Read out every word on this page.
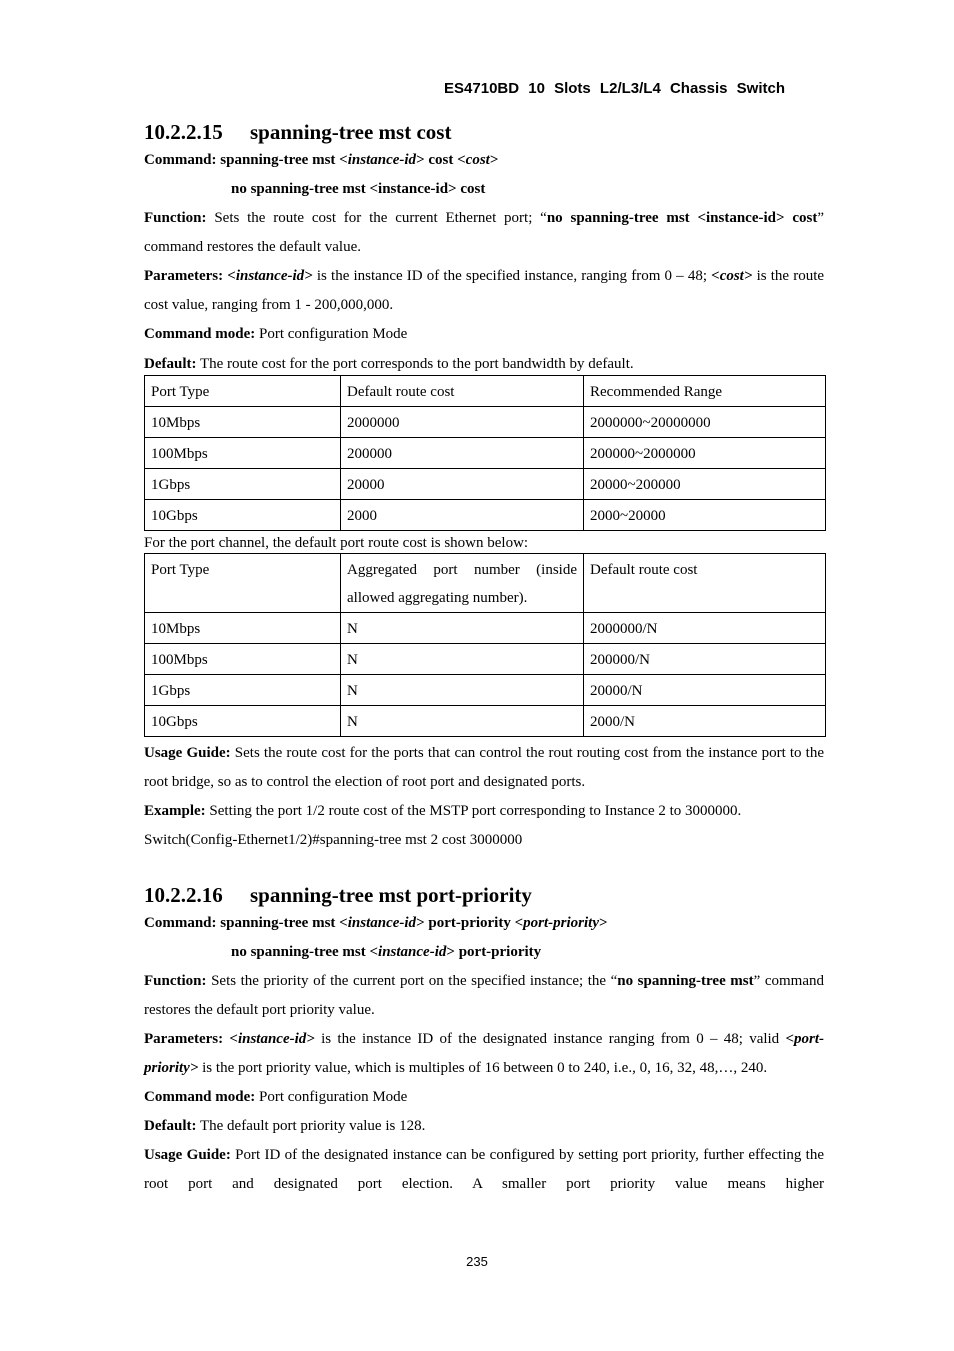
ES4710BD 10 Slots L2/L3/L4 Chassis Switch
10.2.2.15 spanning-tree mst cost

Command: spanning-tree mst <instance-id> cost <cost>

no spanning-tree mst <instance-id> cost

Function: Sets the route cost for the current Ethernet port; “no spanning-tree mst <instance-id> cost” command restores the default value.

Parameters: <instance-id> is the instance ID of the specified instance, ranging from 0 – 48; <cost> is the route cost value, ranging from 1 - 200,000,000.

Command mode: Port configuration Mode

Default: The route cost for the port corresponds to the port bandwidth by default.

Port Type	Default route cost	Recommended Range
10Mbps	2000000	2000000~20000000
100Mbps	200000	200000~2000000
1Gbps	20000	20000~200000
10Gbps	2000	2000~20000

For the port channel, the default port route cost is shown below:

Port Type	Aggregated port number (inside allowed aggregating number).	Default route cost
10Mbps	N	2000000/N
100Mbps	N	200000/N
1Gbps	N	20000/N
10Gbps	N	2000/N

Usage Guide: Sets the route cost for the ports that can control the rout routing cost from the instance port to the root bridge, so as to control the election of root port and designated ports.

Example: Setting the port 1/2 route cost of the MSTP port corresponding to Instance 2 to 3000000.

Switch(Config-Ethernet1/2)#spanning-tree mst 2 cost 3000000

10.2.2.16 spanning-tree mst port-priority

Command: spanning-tree mst <instance-id> port-priority <port-priority>

no spanning-tree mst <instance-id> port-priority

Function: Sets the priority of the current port on the specified instance; the “no spanning-tree mst” command restores the default port priority value.

Parameters: <instance-id> is the instance ID of the designated instance ranging from 0 – 48; valid <port-priority> is the port priority value, which is multiples of 16 between 0 to 240, i.e., 0, 16, 32, 48,…, 240.

Command mode: Port configuration Mode

Default: The default port priority value is 128.

Usage Guide: Port ID of the designated instance can be configured by setting port priority, further effecting the root port and designated port election. A smaller port priority value means higher

235
